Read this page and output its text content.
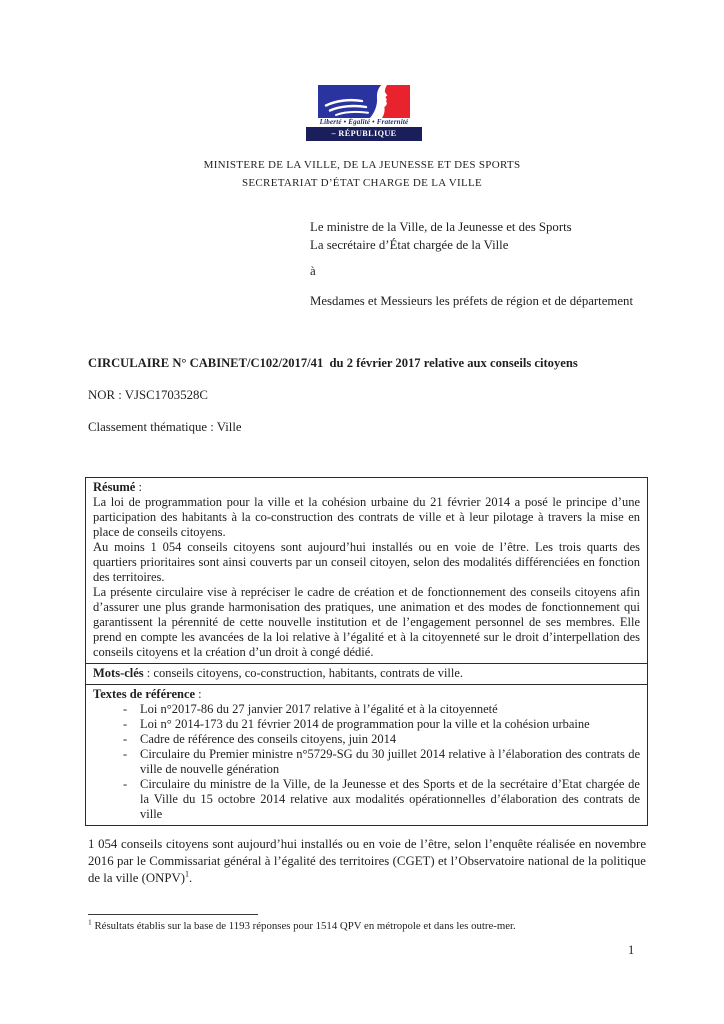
Liberté • Égalité • Fraternité
– RÉPUBLIQUE FRANÇAISE
MINISTERE DE LA VILLE, DE LA JEUNESSE ET DES SPORTS
SECRETARIAT D’ÉTAT CHARGE DE LA VILLE
Le ministre de la Ville, de la Jeunesse et des Sports
La secrétaire d’État chargée de la Ville
à
Mesdames et Messieurs les préfets de région et de département
CIRCULAIRE N° CABINET/C102/2017/41  du 2 février 2017 relative aux conseils citoyens
NOR : VJSC1703528C
Classement thématique : Ville
Résumé :

La loi de programmation pour la ville et la cohésion urbaine du 21 février 2014 a posé le principe d’une participation des habitants à la co-construction des contrats de ville et à leur pilotage à travers la mise en place de conseils citoyens.

Au moins 1 054 conseils citoyens sont aujourd’hui installés ou en voie de l’être. Les trois quarts des quartiers prioritaires sont ainsi couverts par un conseil citoyen, selon des modalités différenciées en fonction des territoires.

La présente circulaire vise à repréciser le cadre de création et de fonctionnement des conseils citoyens afin d’assurer une plus grande harmonisation des pratiques, une animation et des modes de fonctionnement qui garantissent la pérennité de cette nouvelle institution et de l’engagement personnel de ses membres. Elle prend en compte les avancées de la loi relative à l’égalité et à la citoyenneté sur le droit d’interpellation des conseils citoyens et la création d’un droit à congé dédié.

Mots-clés : conseils citoyens, co-construction, habitants, contrats de ville.
Textes de référence :
- Loi n°2017-86 du 27 janvier 2017 relative à l’égalité et à la citoyenneté
- Loi n° 2014-173 du 21 février 2014 de programmation pour la ville et la cohésion urbaine
- Cadre de référence des conseils citoyens, juin 2014
- Circulaire du Premier ministre n°5729-SG du 30 juillet 2014 relative à l’élaboration des contrats de ville de nouvelle génération
- Circulaire du ministre de la Ville, de la Jeunesse et des Sports et de la secrétaire d’Etat chargée de la Ville du 15 octobre 2014 relative aux modalités opérationnelles d’élaboration des contrats de ville
1 054 conseils citoyens sont aujourd’hui installés ou en voie de l’être, selon l’enquête réalisée en novembre 2016 par le Commissariat général à l’égalité des territoires (CGET) et l’Observatoire national de la politique de la ville (ONPV)$^1$.
$^1$ Résultats établis sur la base de 1193 réponses pour 1514 QPV en métropole et dans les outre-mer.
1
